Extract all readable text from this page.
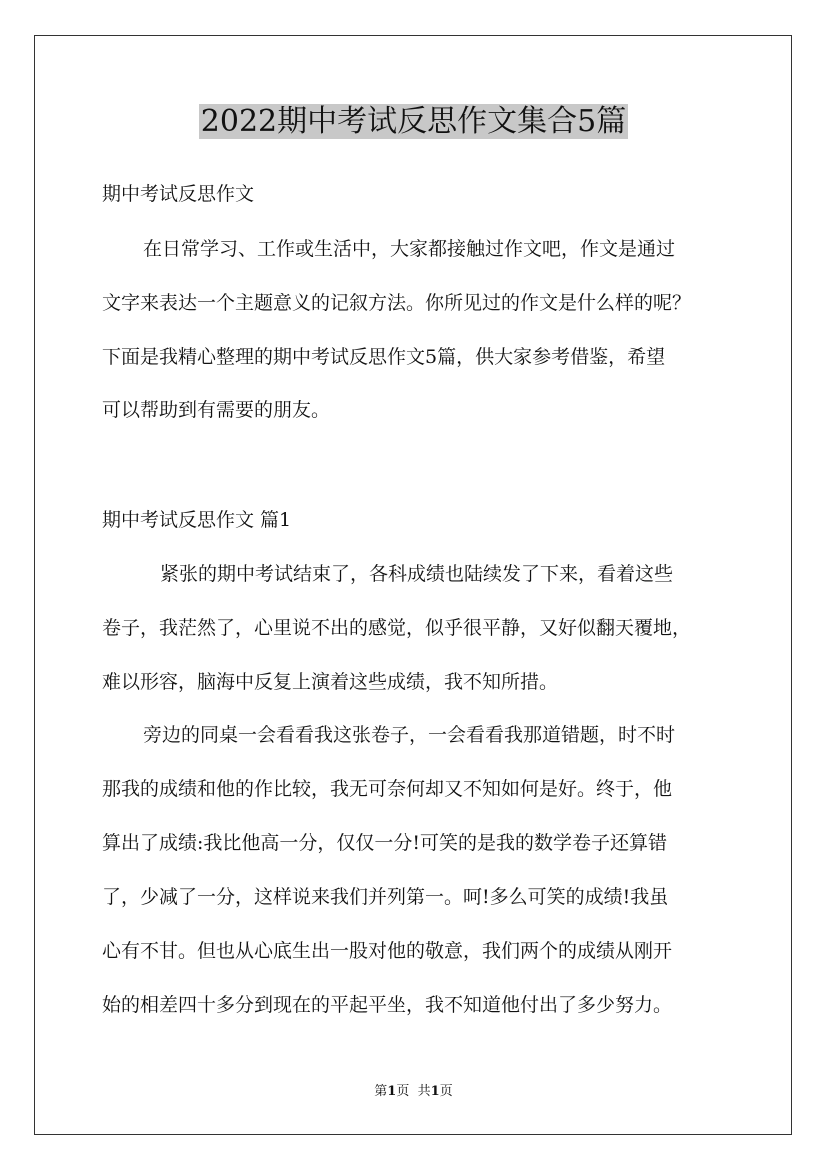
2022期中考试反思作文集合5篇

期中考试反思作文

在日常学习、工作或生活中，大家都接触过作文吧，作文是通过

文字来表达一个主题意义的记叙方法。你所见过的作文是什么样的呢？

下面是我精心整理的期中考试反思作文5篇，供大家参考借鉴，希望

可以帮助到有需要的朋友。

期中考试反思作文 篇1

紧张的期中考试结束了，各科成绩也陆续发了下来，看着这些

卷子，我茫然了，心里说不出的感觉，似乎很平静，又好似翻天覆地，

难以形容，脑海中反复上演着这些成绩，我不知所措。

旁边的同桌一会看看我这张卷子，一会看看我那道错题，时不时

那我的成绩和他的作比较，我无可奈何却又不知如何是好。终于，他

算出了成绩:我比他高一分，仅仅一分!可笑的是我的数学卷子还算错

了，少减了一分，这样说来我们并列第一。呵!多么可笑的成绩!我虽

心有不甘。但也从心底生出一股对他的敬意，我们两个的成绩从刚开

始的相差四十多分到现在的平起平坐，我不知道他付出了多少努力。

第1页 共1页
